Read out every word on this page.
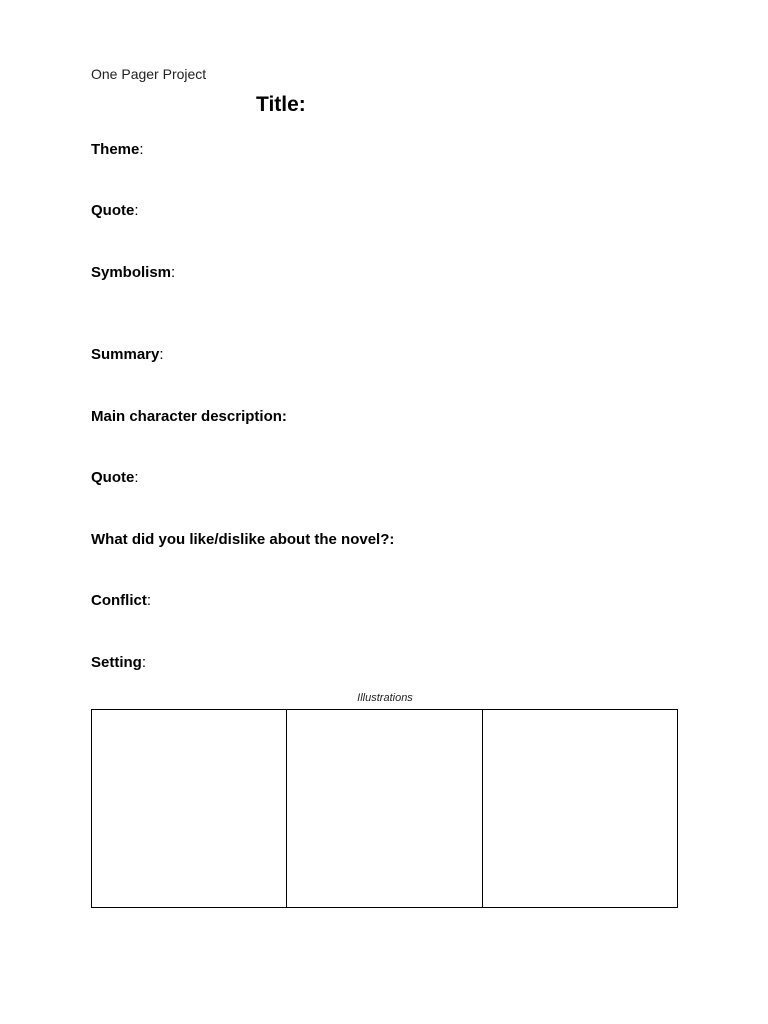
One Pager Project

Title:

Theme:

Quote:

Symbolism:

Summary:

Main character description:

Quote:

What did you like/dislike about the novel?:

Conflict:

Setting:

Illustrations
